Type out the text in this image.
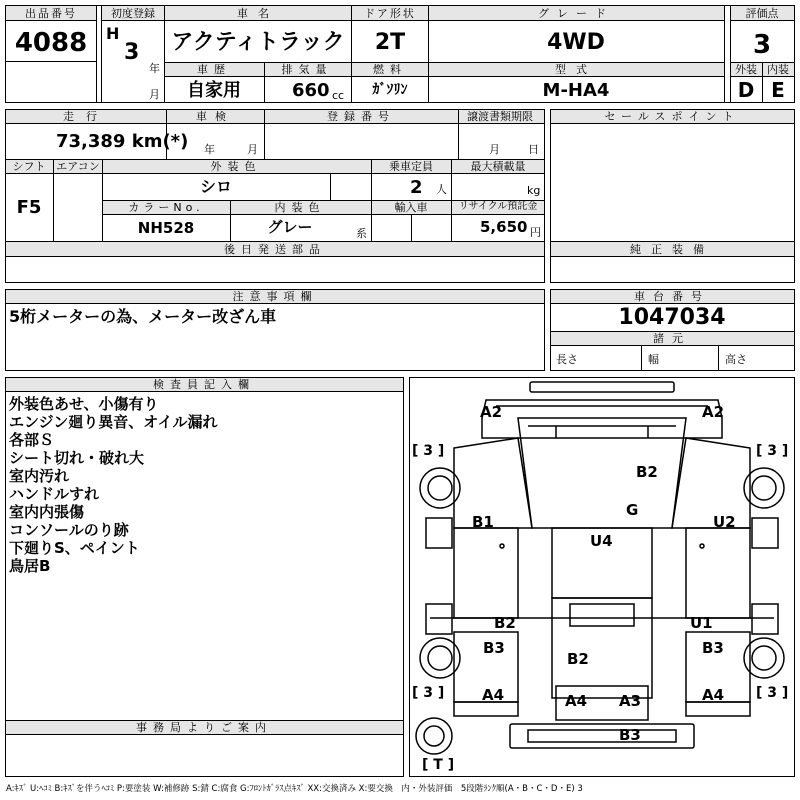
出品番号
4088
初度登録
H
3
年
月
車名
アクティトラック
ドア形状
2T
グレード
4WD
評価点
3
車歴
自家用
排気量
660 cc
燃料
ｶﾞｿﾘﾝ
型式
M-HA4
外装 内装
D E
走行
73,389 km(*)
車検
年	月
登録番号	譲渡書類期限
月	日
シフト
F5
エアコン	外装色
シロ
乗車定員
2 人
最大積載量
kg
カラーNo.
NH528
内装色
グレー	系
輸入車	リサイクル預託金
5,650 円
後日発送部品
セールスポイント
純正装備
注意事項欄
5桁メーターの為、メーター改ざん車
車台番号
1047034
諸元
長さ	幅	高さ
検査員記入欄
外装色あせ、小傷有り
エンジン廻り異音、オイル漏れ
各部Ｓ
シート切れ・破れ大
室内汚れ
ハンドルすれ
室内内張傷
コンソールのり跡
下廻りS、ペイント
鳥居B
事務局よりご案内
A2	A2
B2
G
B1	U2
U4
B2	U1
B3
B2
B3
A4	A4 A3	A4
B3
[ 3 ]	[ 3 ]
[ 3 ]	[ 3 ]
[ T ]
A:ｷｽﾞ U:ﾍｺﾐ B:ｷｽﾞを伴うﾍｺﾐ P:要塗装 W:補修跡 S:錆 C:腐食 G:ﾌﾛﾝﾄｶﾞﾗｽ点ｷｽﾞ XX:交換済み X:要交換　内・外装評価　5段階ﾗﾝｸ順(A・B・C・D・E) 3
